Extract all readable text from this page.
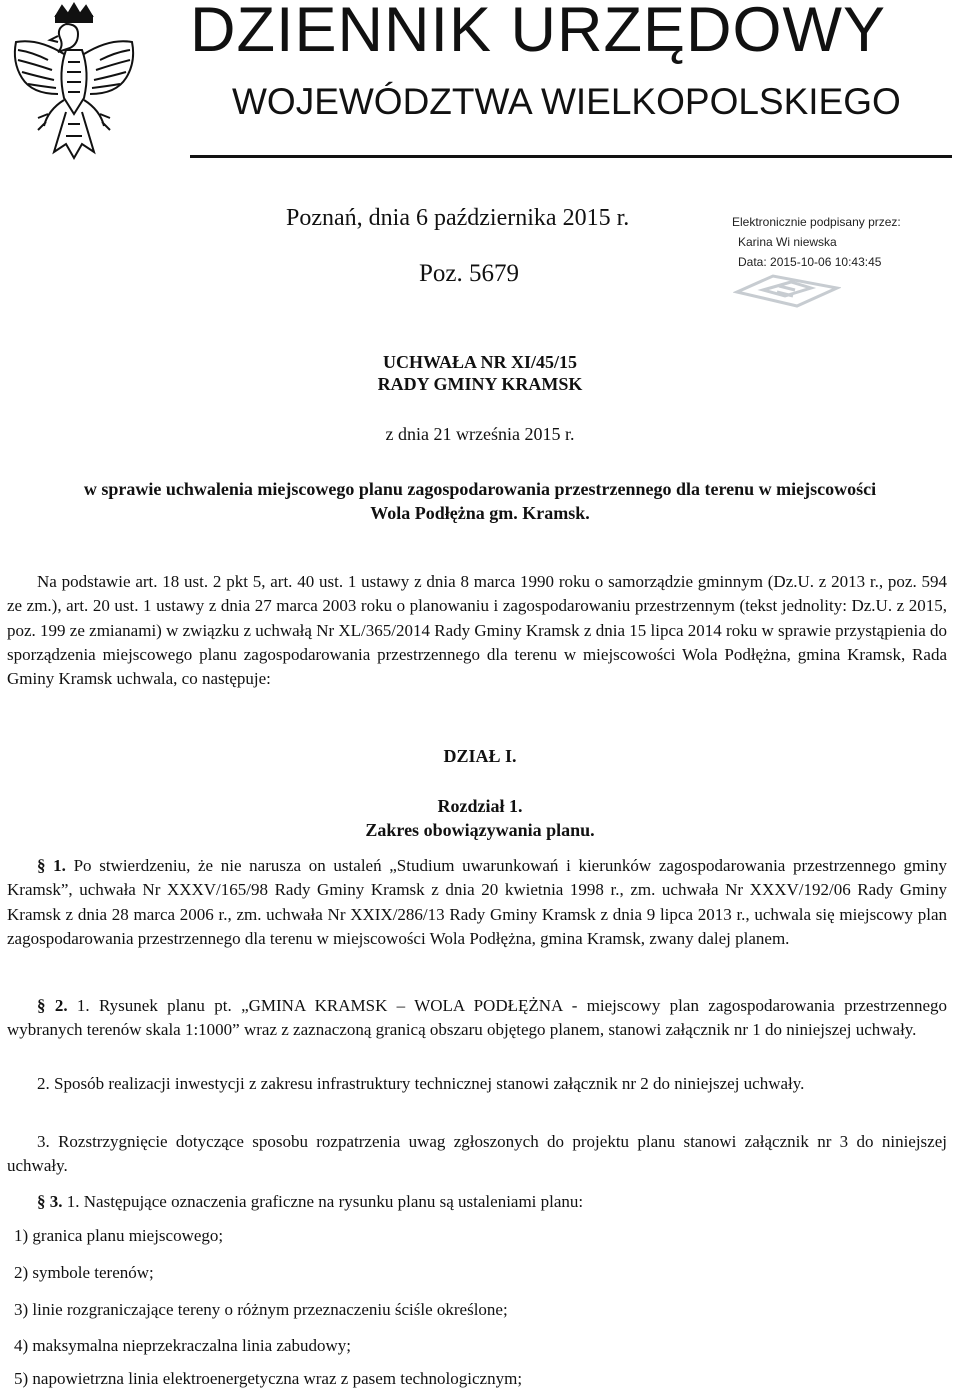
DZIENNIK URZĘDOWY
WOJEWÓDZTWA WIELKOPOLSKIEGO
Poznań, dnia 6 października 2015 r.
Poz. 5679
Elektronicznie podpisany przez:
Karina Wi niewska
Data: 2015-10-06 10:43:45
UCHWAŁA NR XI/45/15
RADY GMINY KRAMSK
z dnia 21 września 2015 r.
w sprawie uchwalenia miejscowego planu zagospodarowania przestrzennego dla terenu w miejscowości
Wola Podłężna gm. Kramsk.
Na podstawie art. 18 ust. 2 pkt 5, art. 40 ust. 1 ustawy z dnia 8 marca 1990 roku o samorządzie gminnym (Dz.U. z 2013 r., poz. 594 ze zm.), art. 20 ust. 1 ustawy z dnia 27 marca 2003 roku o planowaniu i zagospodarowaniu przestrzennym (tekst jednolity: Dz.U. z 2015, poz. 199 ze zmianami) w związku z uchwałą Nr XL/365/2014 Rady Gminy Kramsk z dnia 15 lipca 2014 roku w sprawie przystąpienia do sporządzenia miejscowego planu zagospodarowania przestrzennego dla terenu w miejscowości Wola Podłężna, gmina Kramsk, Rada Gminy Kramsk uchwala, co następuje:
DZIAŁ I.
Rozdział 1.
Zakres obowiązywania planu.
§ 1. Po stwierdzeniu, że nie narusza on ustaleń „Studium uwarunkowań i kierunków zagospodarowania przestrzennego gminy Kramsk”, uchwała Nr XXXV/165/98 Rady Gminy Kramsk z dnia 20 kwietnia 1998 r., zm. uchwała Nr XXXV/192/06 Rady Gminy Kramsk z dnia 28 marca 2006 r., zm. uchwała Nr XXIX/286/13 Rady Gminy Kramsk z dnia 9 lipca 2013 r., uchwala się miejscowy plan zagospodarowania przestrzennego dla terenu w miejscowości Wola Podłężna, gmina Kramsk, zwany dalej planem.
§ 2. 1. Rysunek planu pt. „GMINA KRAMSK – WOLA PODŁĘŻNA - miejscowy plan zagospodarowania przestrzennego wybranych terenów skala 1:1000” wraz z zaznaczoną granicą obszaru objętego planem, stanowi załącznik nr 1 do niniejszej uchwały.
2. Sposób realizacji inwestycji z zakresu infrastruktury technicznej stanowi załącznik nr 2 do niniejszej uchwały.
3. Rozstrzygnięcie dotyczące sposobu rozpatrzenia uwag zgłoszonych do projektu planu stanowi załącznik nr 3 do niniejszej uchwały.
§ 3. 1. Następujące oznaczenia graficzne na rysunku planu są ustaleniami planu:
1) granica planu miejscowego;
2) symbole terenów;
3) linie rozgraniczające tereny o różnym przeznaczeniu ściśle określone;
4) maksymalna nieprzekraczalna linia zabudowy;
5) napowietrzna linia elektroenergetyczna wraz z pasem technologicznym;
